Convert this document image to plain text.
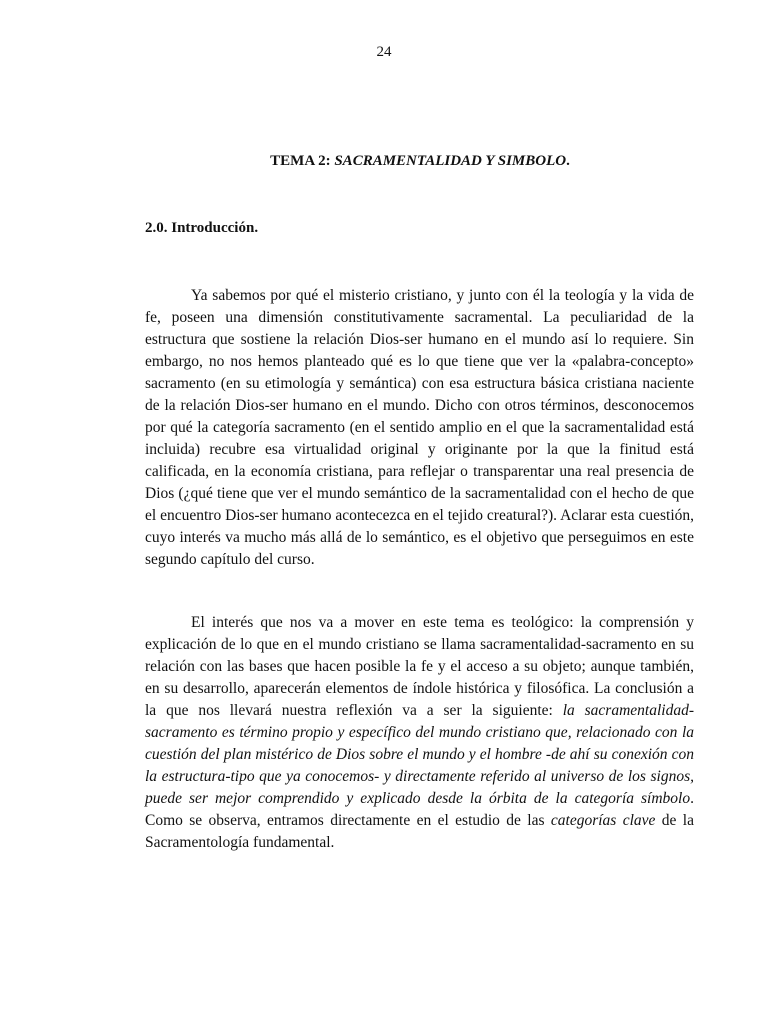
24
TEMA 2: SACRAMENTALIDAD Y SIMBOLO.
2.0. Introducción.

Ya sabemos por qué el misterio cristiano, y junto con él la teología y la vida de fe, poseen una dimensión constitutivamente sacramental. La peculiaridad de la estructura que sostiene la relación Dios-ser humano en el mundo así lo requiere. Sin embargo, no nos hemos planteado qué es lo que tiene que ver la «palabra-concepto» sacramento (en su etimología y semántica) con esa estructura básica cristiana naciente de la relación Dios-ser humano en el mundo. Dicho con otros términos, desconocemos por qué la categoría sacramento (en el sentido amplio en el que la sacramentalidad está incluida) recubre esa virtualidad original y originante por la que la finitud está calificada, en la economía cristiana, para reflejar o transparentar una real presencia de Dios (¿qué tiene que ver el mundo semántico de la sacramentalidad con el hecho de que el encuentro Dios-ser humano acontecezca en el tejido creatural?). Aclarar esta cuestión, cuyo interés va mucho más allá de lo semántico, es el objetivo que perseguimos en este segundo capítulo del curso.

El interés que nos va a mover en este tema es teológico: la comprensión y explicación de lo que en el mundo cristiano se llama sacramentalidad-sacramento en su relación con las bases que hacen posible la fe y el acceso a su objeto; aunque también, en su desarrollo, aparecerán elementos de índole histórica y filosófica. La conclusión a la que nos llevará nuestra reflexión va a ser la siguiente: la sacramentalidad-sacramento es término propio y específico del mundo cristiano que, relacionado con la cuestión del plan mistérico de Dios sobre el mundo y el hombre -de ahí su conexión con la estructura-tipo que ya conocemos- y directamente referido al universo de los signos, puede ser mejor comprendido y explicado desde la órbita de la categoría símbolo. Como se observa, entramos directamente en el estudio de las categorías clave de la Sacramentología fundamental.
